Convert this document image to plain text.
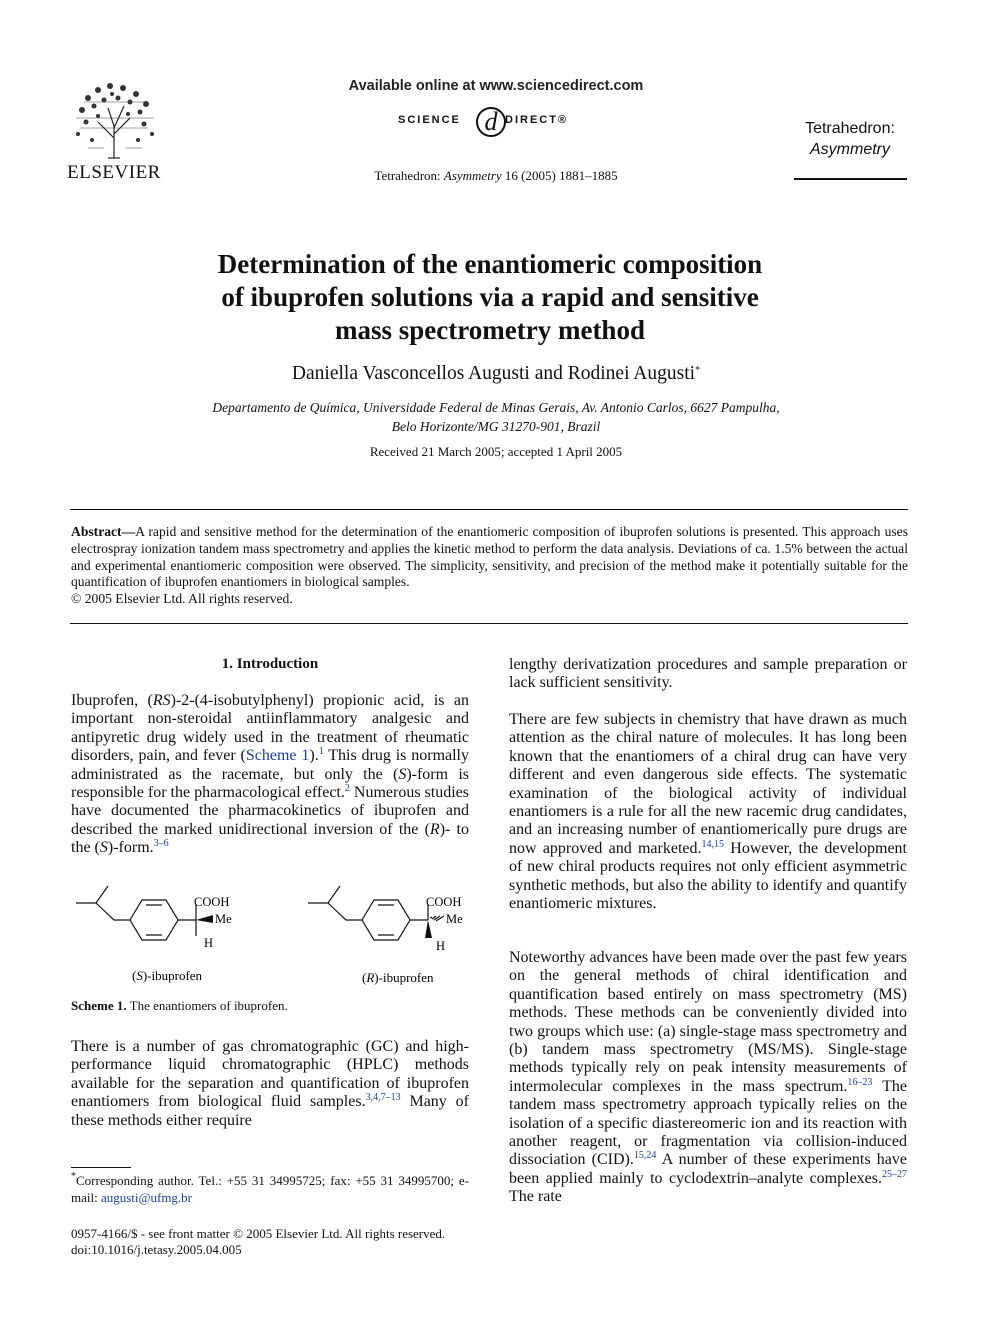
ELSEVIER
Available online at www.sciencedirect.com
d
SCIENCE	DIRECT®
Tetrahedron: Asymmetry 16 (2005) 1881–1885
Tetrahedron:
Asymmetry
Determination of the enantiomeric composition
of ibuprofen solutions via a rapid and sensitive
mass spectrometry method
Daniella Vasconcellos Augusti and Rodinei Augusti*
Departamento de Química, Universidade Federal de Minas Gerais, Av. Antonio Carlos, 6627 Pampulha,
Belo Horizonte/MG 31270-901, Brazil
Received 21 March 2005; accepted 1 April 2005
Abstract—A rapid and sensitive method for the determination of the enantiomeric composition of ibuprofen solutions is presented. This approach uses electrospray ionization tandem mass spectrometry and applies the kinetic method to perform the data analysis. Deviations of ca. 1.5% between the actual and experimental enantiomeric composition were observed. The simplicity, sensitivity, and precision of the method make it potentially suitable for the quantification of ibuprofen enantiomers in biological samples.
© 2005 Elsevier Ltd. All rights reserved.
1. Introduction

Ibuprofen, (RS)-2-(4-isobutylphenyl) propionic acid, is an important non-steroidal antiinflammatory analgesic and antipyretic drug widely used in the treatment of rheumatic disorders, pain, and fever (Scheme 1).$^1$ This drug is normally administrated as the racemate, but only the (S)-form is responsible for the pharmacological effect.$^2$ Numerous studies have documented the pharmacokinetics of ibuprofen and described the marked unidirectional inversion of the (R)- to the (S)-form.$^{3-6}$

COOH
Me
H
COOH
Me
H
(S)-ibuprofen	(R)-ibuprofen
Scheme 1. The enantiomers of ibuprofen.

There is a number of gas chromatographic (GC) and high-performance liquid chromatographic (HPLC) methods available for the separation and quantification of ibuprofen enantiomers from biological fluid samples.$^{3,4,7-13}$ Many of these methods either require

*Corresponding author. Tel.: +55 31 34995725; fax: +55 31 34995700; e-mail: augusti@ufmg.br
0957-4166/$ - see front matter © 2005 Elsevier Ltd. All rights reserved.
doi:10.1016/j.tetasy.2005.04.005

lengthy derivatization procedures and sample preparation or lack sufficient sensitivity.

There are few subjects in chemistry that have drawn as much attention as the chiral nature of molecules. It has long been known that the enantiomers of a chiral drug can have very different and even dangerous side effects. The systematic examination of the biological activity of individual enantiomers is a rule for all the new racemic drug candidates, and an increasing number of enantiomerically pure drugs are now approved and marketed.$^{14,15}$ However, the development of new chiral products requires not only efficient asymmetric synthetic methods, but also the ability to identify and quantify enantiomeric mixtures.

Noteworthy advances have been made over the past few years on the general methods of chiral identification and quantification based entirely on mass spectrometry (MS) methods. These methods can be conveniently divided into two groups which use: (a) single-stage mass spectrometry and (b) tandem mass spectrometry (MS/MS). Single-stage methods typically rely on peak intensity measurements of intermolecular complexes in the mass spectrum.$^{16-23}$ The tandem mass spectrometry approach typically relies on the isolation of a specific diastereomeric ion and its reaction with another reagent, or fragmentation via collision-induced dissociation (CID).$^{15,24}$ A number of these experiments have been applied mainly to cyclodextrin–analyte complexes.$^{25-27}$ The rate
